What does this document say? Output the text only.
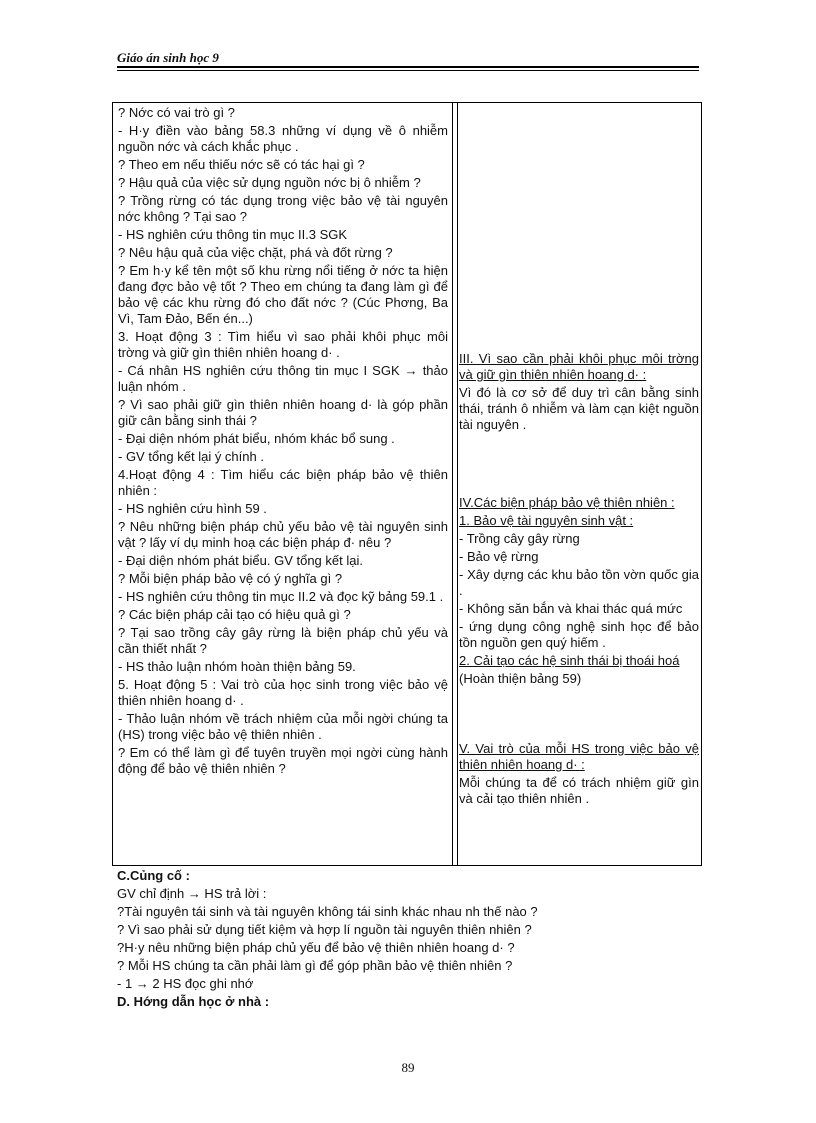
Giáo án sinh học 9

? Nớc có vai trò gì ?

- H·y điền vào bảng 58.3 những ví dụng về ô nhiễm nguồn nớc và cách khắc phục .

? Theo em nếu thiếu nớc sẽ có tác hại gì ?

? Hậu quả của việc sử dụng nguồn nớc bị ô nhiễm ?

? Trồng rừng có tác dụng trong việc bảo vệ tài nguyên nớc không ? Tại sao ?

- HS nghiên cứu thông tin mục II.3 SGK

? Nêu hậu quả của việc chặt, phá và đốt rừng ?

? Em h·y kể tên một số khu rừng nổi tiếng ở nớc ta hiện đang đợc bảo vệ tốt ? Theo em chúng ta đang làm gì để bảo vệ các khu rừng đó cho đất nớc ? (Cúc Phơng, Ba Vì, Tam Đảo, Bến én...)

3. Hoạt động 3 : Tìm hiểu vì sao phải khôi phục môi trờng và giữ gìn thiên nhiên hoang d· .

- Cá nhân HS nghiên cứu thông tin mục I SGK → thảo luận nhóm .

? Vì sao phải giữ gìn thiên nhiên hoang d· là góp phần giữ cân bằng sinh thái ?

- Đại diện nhóm phát biểu, nhóm khác bổ sung .

- GV tổng kết lại ý chính .

4.Hoạt động 4 : Tìm hiểu các biện pháp bảo vệ thiên nhiên :

- HS nghiên cứu hình 59 .

? Nêu những biện pháp chủ yếu bảo vệ tài nguyên sinh vật ? lấy ví dụ minh hoạ các biện pháp đ· nêu ?

- Đại diện nhóm phát biểu. GV tổng kết lại.

? Mỗi biện pháp bảo vệ có ý nghĩa gì ?

- HS nghiên cứu thông tin mục II.2 và đọc kỹ bảng 59.1 .

? Các biện pháp cải tạo có hiệu quả gì ?

? Tại sao trồng cây gây rừng là biện pháp chủ yếu và cần thiết nhất ?

- HS thảo luận nhóm hoàn thiện bảng 59.

5. Hoạt động 5 : Vai trò của học sinh trong việc bảo vệ thiên nhiên hoang d· .

- Thảo luận nhóm về trách nhiệm của mỗi ngời chúng ta (HS) trong việc bảo vệ thiên nhiên .

? Em có thể làm gì để tuyên truyền mọi ngời cùng hành động để bảo vệ thiên nhiên ?

III. Vì sao cần phải khôi phục môi trờng và giữ gìn thiên nhiên hoang d· :

Vì đó là cơ sở để duy trì cân bằng sinh thái, tránh ô nhiễm và làm cạn kiệt nguồn tài nguyên .

IV.Các biện pháp bảo vệ thiên nhiên :

1. Bảo vệ tài nguyên sinh vật :

- Trồng cây gây rừng

- Bảo vệ rừng

- Xây dựng các khu bảo tồn vờn quốc gia .

- Không săn bắn và khai thác quá mức

- ứng dụng công nghệ sinh học để bảo tồn nguồn gen quý hiếm .

2. Cải tạo các hệ sinh thái bị thoái hoá

(Hoàn thiện bảng 59)

V. Vai trò của mỗi HS trong việc bảo vệ thiên nhiên hoang d· :

Mỗi chúng ta để có trách nhiệm giữ gìn và cải tạo thiên nhiên .

C.Củng cố :

GV chỉ định → HS trả lời :

?Tài nguyên tái sinh và tài nguyên không tái sinh khác nhau nh thế nào ?

? Vì sao phải sử dụng tiết kiệm và hợp lí nguồn tài nguyên thiên nhiên ?

?H·y nêu những biện pháp chủ yếu để bảo vệ thiên nhiên hoang d· ?

? Mỗi HS chúng ta cần phải làm gì để góp phần bảo vệ thiên nhiên ?

- 1 → 2 HS đọc ghi nhớ

D. Hớng dẫn học ở nhà :

89
